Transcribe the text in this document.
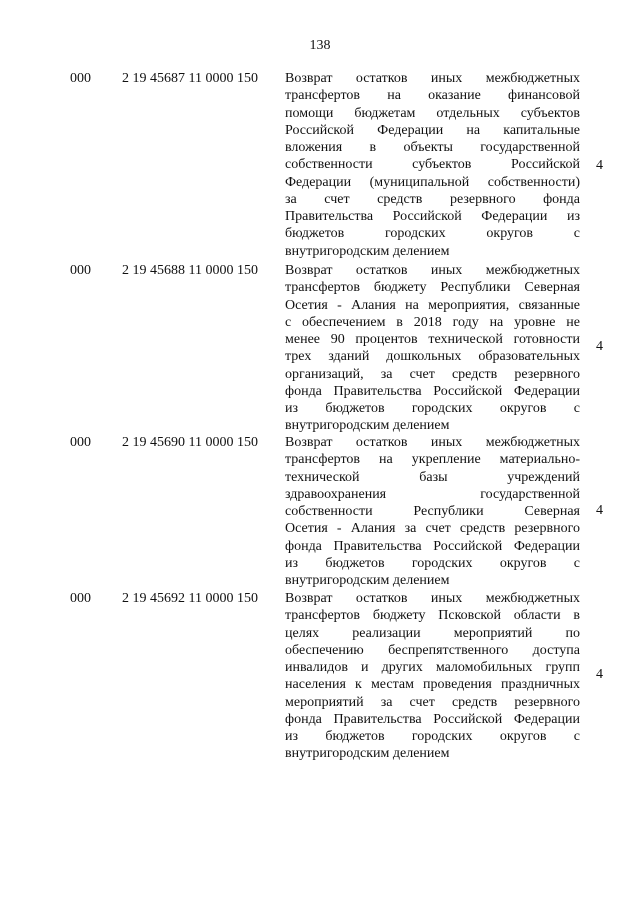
138
000 2 19 45687 11 0000 150 Возврат остатков иных межбюджетных
трансфертов на оказание финансовой
помощи бюджетам отдельных субъектов
Российской Федерации на капитальные
вложения в объекты государственной
собственности субъектов Российской
Федерации (муниципальной собственности)
за счет средств резервного фонда
Правительства Российской Федерации из
бюджетов городских округов с
внутригородским делением
4
000 2 19 45688 11 0000 150 Возврат остатков иных межбюджетных
трансфертов бюджету Республики Северная
Осетия - Алания на мероприятия, связанные
с обеспечением в 2018 году на уровне не
менее 90 процентов технической готовности
трех зданий дошкольных образовательных
организаций, за счет средств резервного
фонда Правительства Российской Федерации
из бюджетов городских округов с
внутригородским делением
4
000 2 19 45690 11 0000 150 Возврат остатков иных межбюджетных
трансфертов на укрепление материально-
технической базы учреждений
здравоохранения государственной
собственности Республики Северная
Осетия - Алания за счет средств резервного
фонда Правительства Российской Федерации
из бюджетов городских округов с
внутригородским делением
4
000 2 19 45692 11 0000 150 Возврат остатков иных межбюджетных
трансфертов бюджету Псковской области в
целях реализации мероприятий по
обеспечению беспрепятственного доступа
инвалидов и других маломобильных групп
населения к местам проведения праздничных
мероприятий за счет средств резервного
фонда Правительства Российской Федерации
из бюджетов городских округов с
внутригородским делением
4
